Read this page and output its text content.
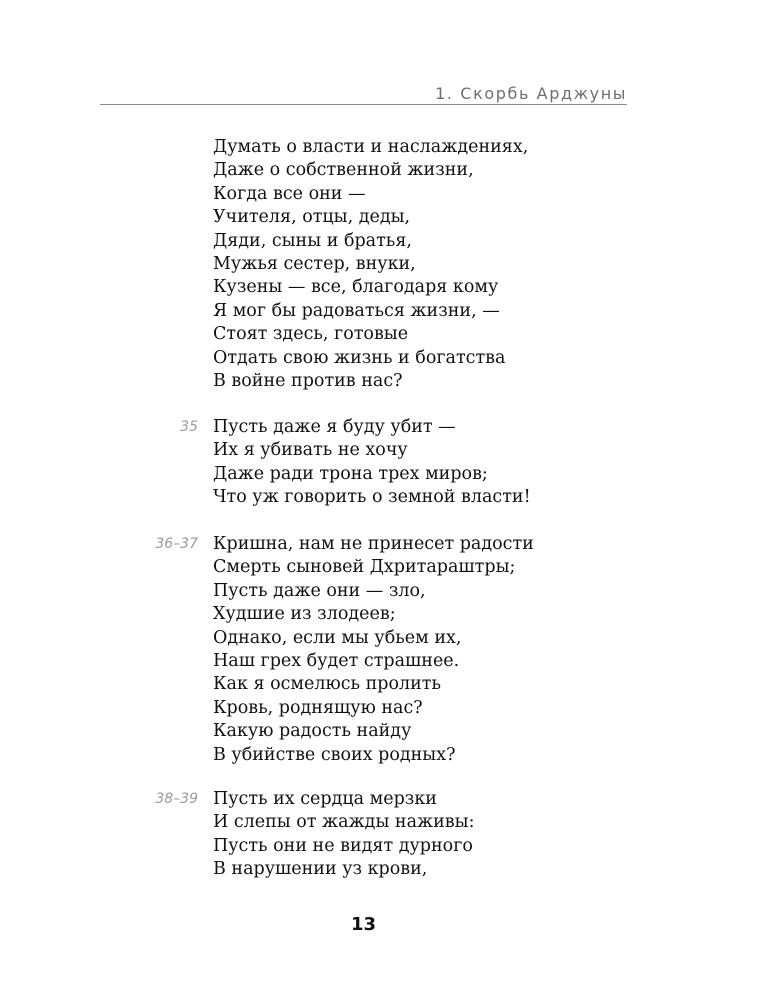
1. Скорбь Арджуны
Думать о власти и наслаждениях,
Даже о собственной жизни,
Когда все они —
Учителя, отцы, деды,
Дяди, сыны и братья,
Мужья сестер, внуки,
Кузены — все, благодаря кому
Я мог бы радоваться жизни, —
Стоят здесь, готовые
Отдать свою жизнь и богатства
В войне против нас?
35 Пусть даже я буду убит —
Их я убивать не хочу
Даже ради трона трех миров;
Что уж говорить о земной власти!
36–37 Кришна, нам не принесет радости
Смерть сыновей Дхритараштры;
Пусть даже они — зло,
Худшие из злодеев;
Однако, если мы убьем их,
Наш грех будет страшнее.
Как я осмелюсь пролить
Кровь, роднящую нас?
Какую радость найду
В убийстве своих родных?
38–39 Пусть их сердца мерзки
И слепы от жажды наживы:
Пусть они не видят дурного
В нарушении уз крови,
13
